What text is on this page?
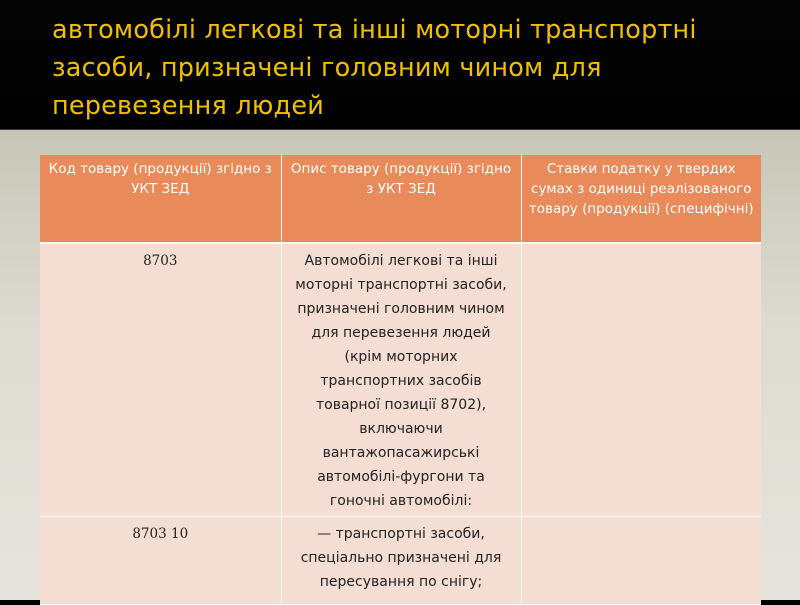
автомобілі легкові та інші моторні транспортні засоби, призначені головним чином для перевезення людей
Код товару (продукції) згідно з УКТ ЗЕД	Опис товару (продукції) згідно з УКТ ЗЕД	Ставки податку у твердих сумах з одиниці реалізованого товару (продукції) (специфічні)
8703	Автомобілі легкові та інші моторні транспортні засоби, призначені головним чином для перевезення людей (крім моторних транспортних засобів товарної позиції 8702), включаючи вантажопасажирські автомобілі-фургони та гоночні автомобілі:	
8703 10	— транспортні засоби, спеціально призначені для пересування по снігу;	
